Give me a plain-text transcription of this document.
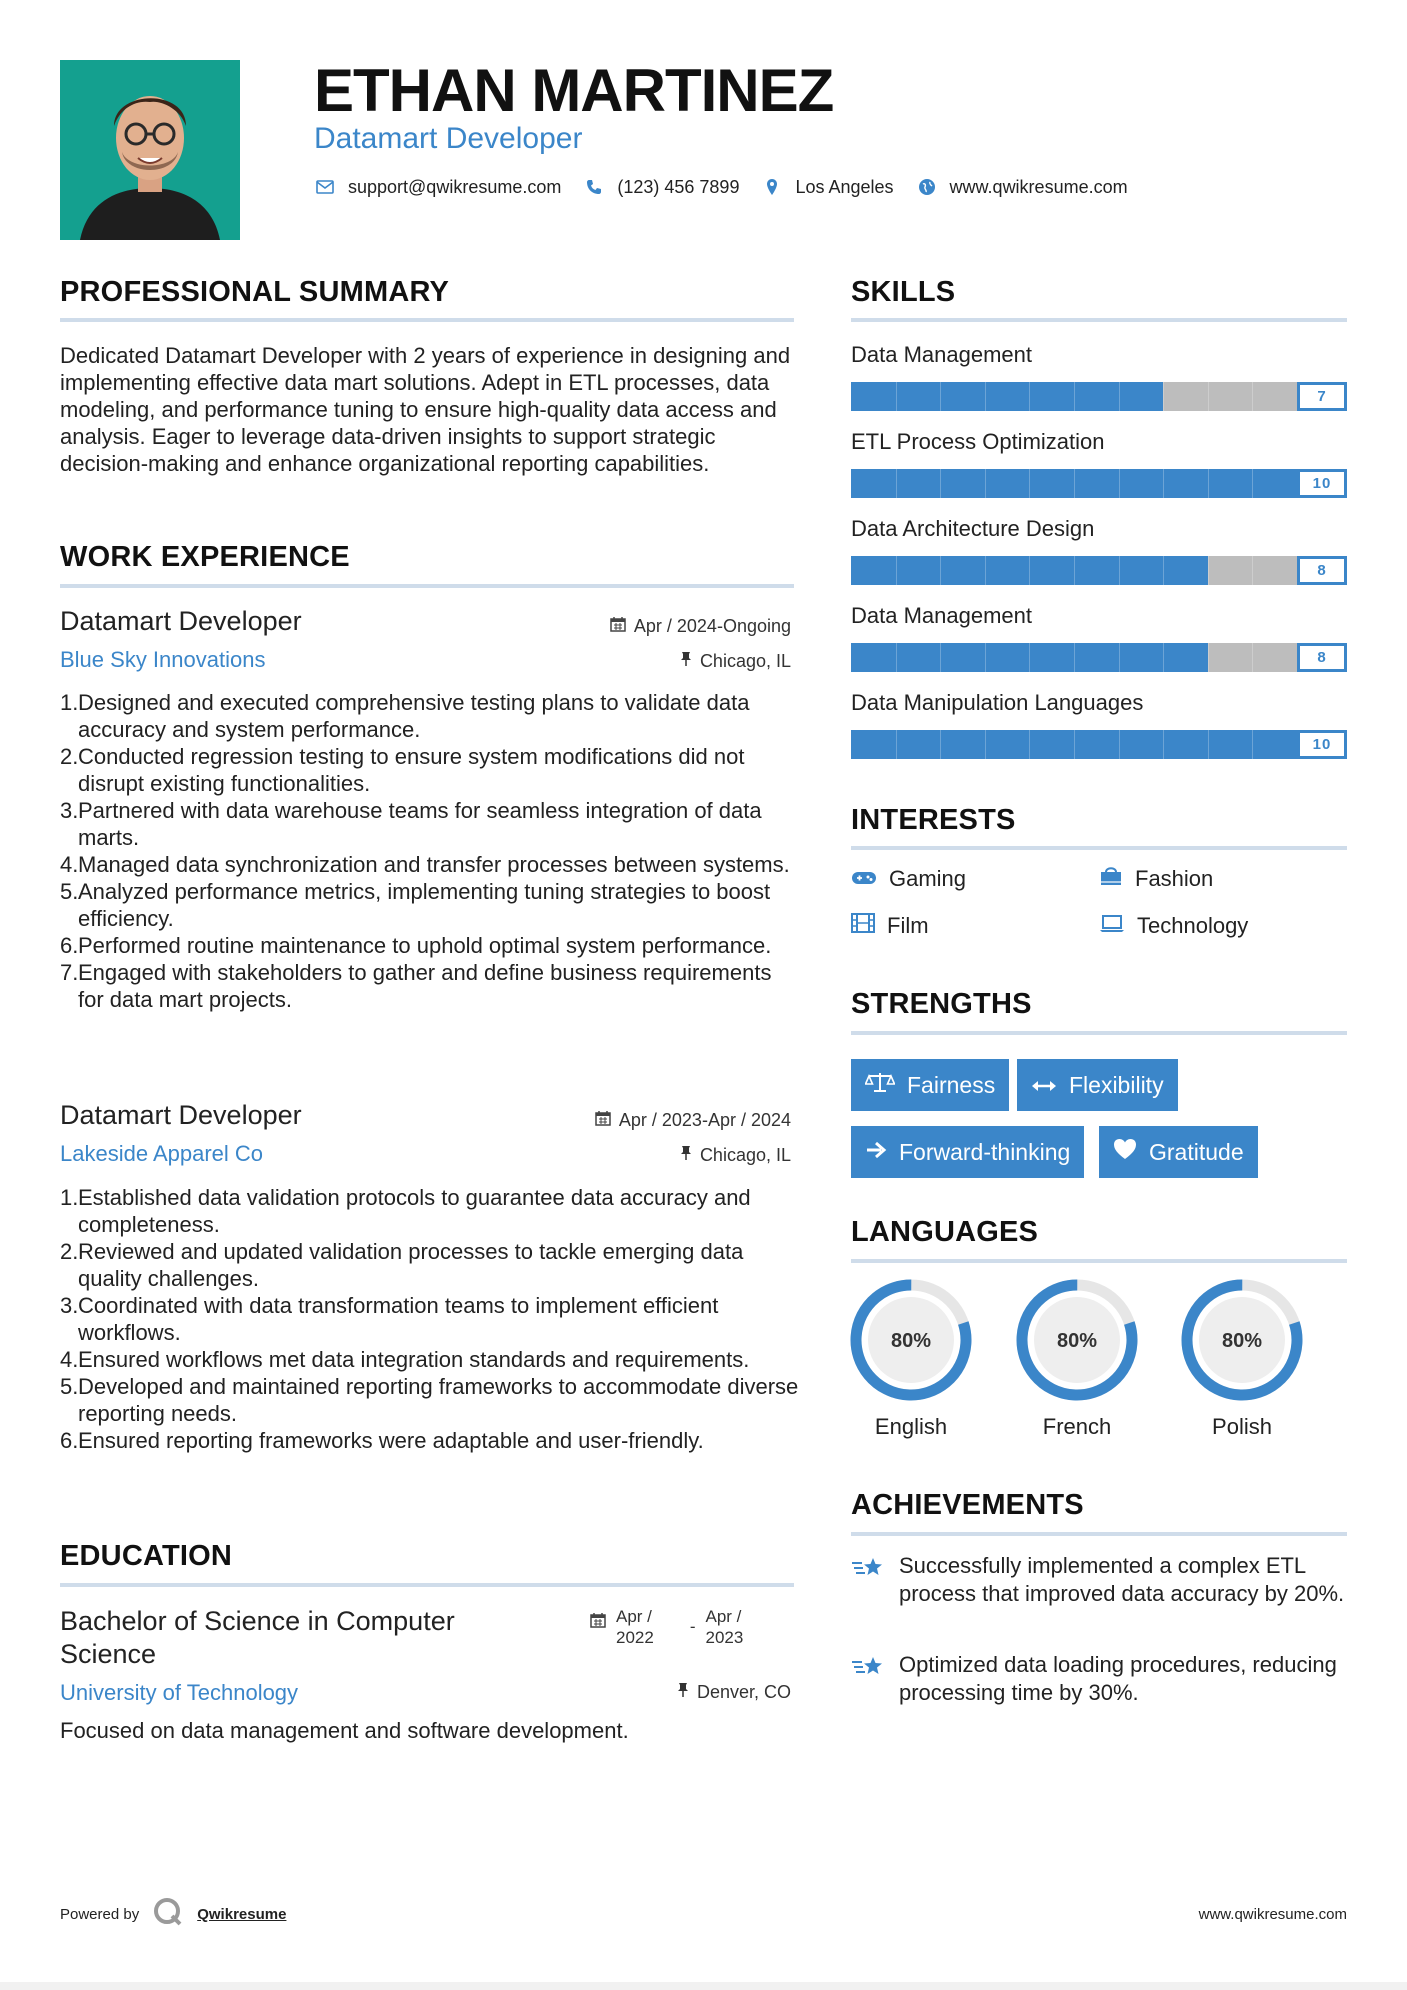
ETHAN MARTINEZ
Datamart Developer
support@qwikresume.com	(123) 456 7899	Los Angeles	www.qwikresume.com
PROFESSIONAL SUMMARY
Dedicated Datamart Developer with 2 years of experience in designing and implementing effective data mart solutions. Adept in ETL processes, data modeling, and performance tuning to ensure high-quality data access and analysis. Eager to leverage data-driven insights to support strategic decision-making and enhance organizational reporting capabilities.
WORK EXPERIENCE
Datamart Developer	Apr / 2024-Ongoing
Blue Sky Innovations	Chicago, IL
1. Designed and executed comprehensive testing plans to validate data accuracy and system performance.
2. Conducted regression testing to ensure system modifications did not disrupt existing functionalities.
3. Partnered with data warehouse teams for seamless integration of data marts.
4. Managed data synchronization and transfer processes between systems.
5. Analyzed performance metrics, implementing tuning strategies to boost efficiency.
6. Performed routine maintenance to uphold optimal system performance.
7. Engaged with stakeholders to gather and define business requirements for data mart projects.
Datamart Developer	Apr / 2023-Apr / 2024
Lakeside Apparel Co	Chicago, IL
1. Established data validation protocols to guarantee data accuracy and completeness.
2. Reviewed and updated validation processes to tackle emerging data quality challenges.
3. Coordinated with data transformation teams to implement efficient workflows.
4. Ensured workflows met data integration standards and requirements.
5. Developed and maintained reporting frameworks to accommodate diverse reporting needs.
6. Ensured reporting frameworks were adaptable and user-friendly.
EDUCATION
Bachelor of Science in Computer Science
Apr /
2022
-
Apr /
2023
University of Technology	Denver, CO
Focused on data management and software development.
SKILLS
Data Management
7
ETL Process Optimization
10
Data Architecture Design
8
Data Management
8
Data Manipulation Languages
10
INTERESTS
Gaming	Fashion
Film	Technology
STRENGTHS
Fairness	Flexibility
Forward-thinking	Gratitude
LANGUAGES
80%
English
80%
French
80%
Polish
ACHIEVEMENTS
Successfully implemented a complex ETL process that improved data accuracy by 20%.
Optimized data loading procedures, reducing processing time by 30%.
Powered by	Qwikresume	www.qwikresume.com
